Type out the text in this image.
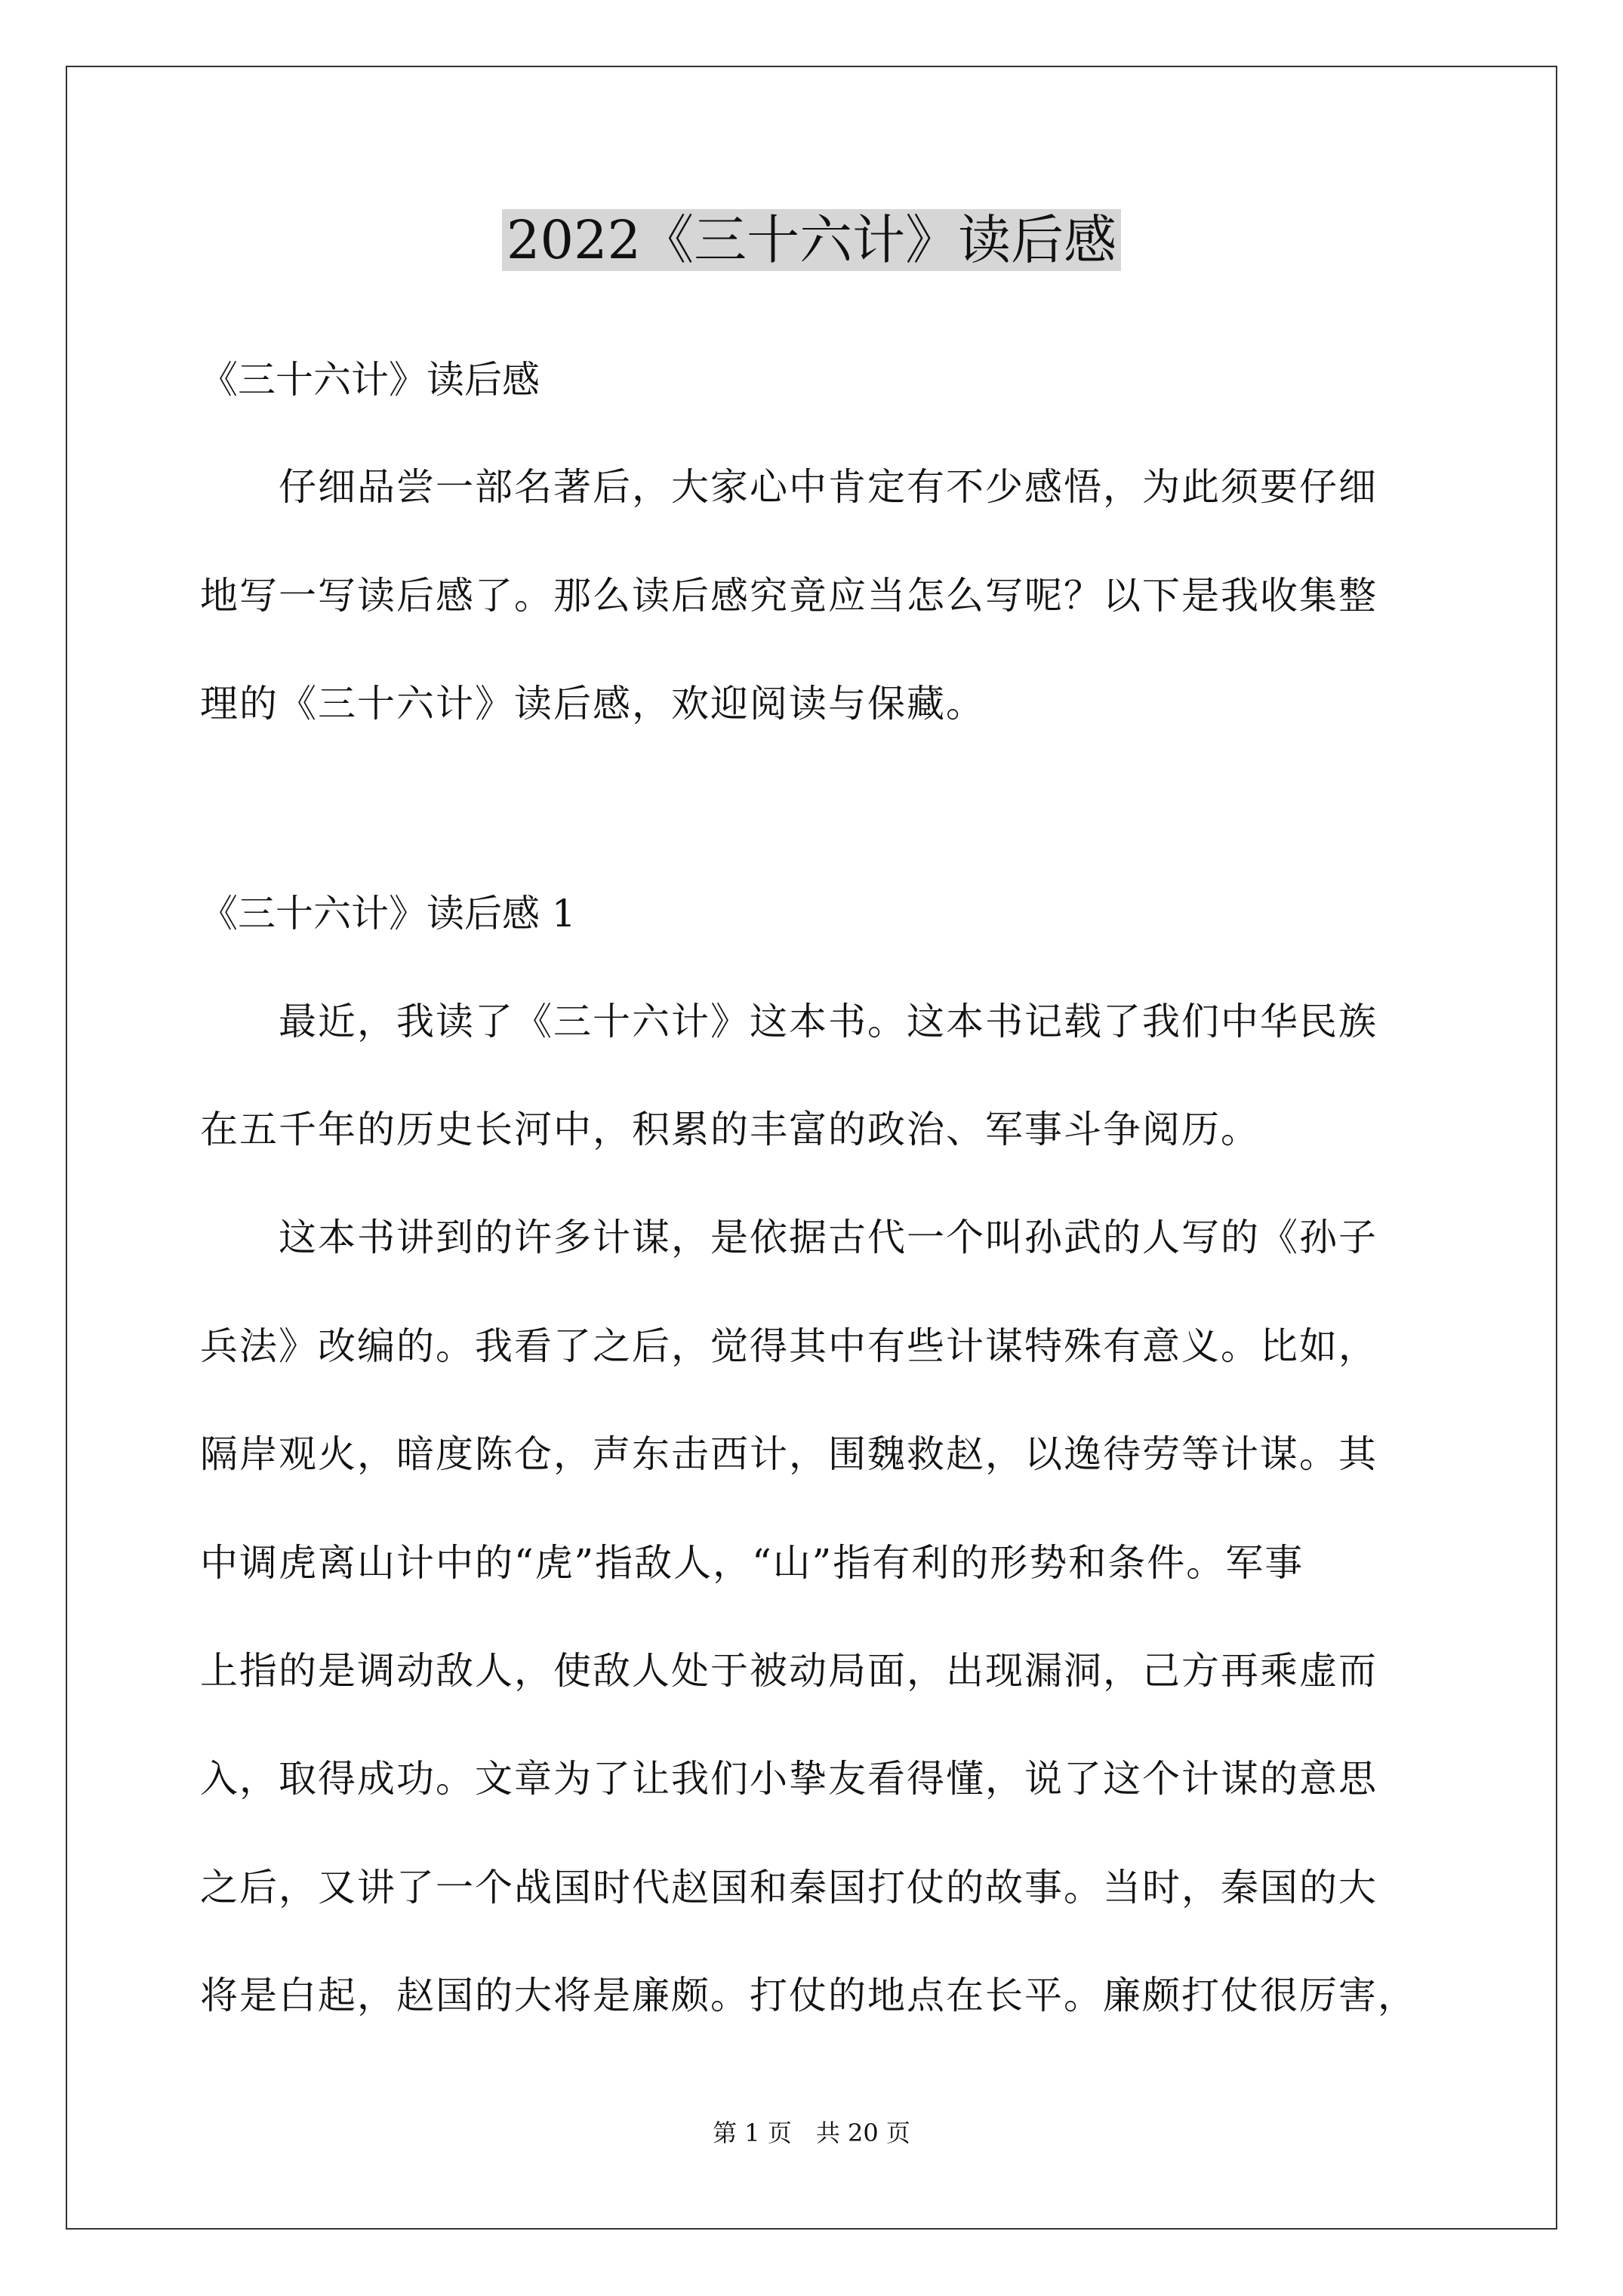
2022《三十六计》读后感
《三十六计》读后感
　　仔细品尝一部名著后，大家心中肯定有不少感悟，为此须要仔细
地写一写读后感了。那么读后感究竟应当怎么写呢？以下是我收集整
理的《三十六计》读后感，欢迎阅读与保藏。
《三十六计》读后感 1
　　最近，我读了《三十六计》这本书。这本书记载了我们中华民族
在五千年的历史长河中，积累的丰富的政治、军事斗争阅历。
　　这本书讲到的许多计谋，是依据古代一个叫孙武的人写的《孙子
兵法》改编的。我看了之后，觉得其中有些计谋特殊有意义。比如，
隔岸观火，暗度陈仓，声东击西计，围魏救赵，以逸待劳等计谋。其
中调虎离山计中的“虎”指敌人，“山”指有利的形势和条件。军事
上指的是调动敌人，使敌人处于被动局面，出现漏洞，己方再乘虚而
入，取得成功。文章为了让我们小挚友看得懂，说了这个计谋的意思
之后，又讲了一个战国时代赵国和秦国打仗的故事。当时，秦国的大
将是白起，赵国的大将是廉颇。打仗的地点在长平。廉颇打仗很厉害，
第 1 页　共 20 页
